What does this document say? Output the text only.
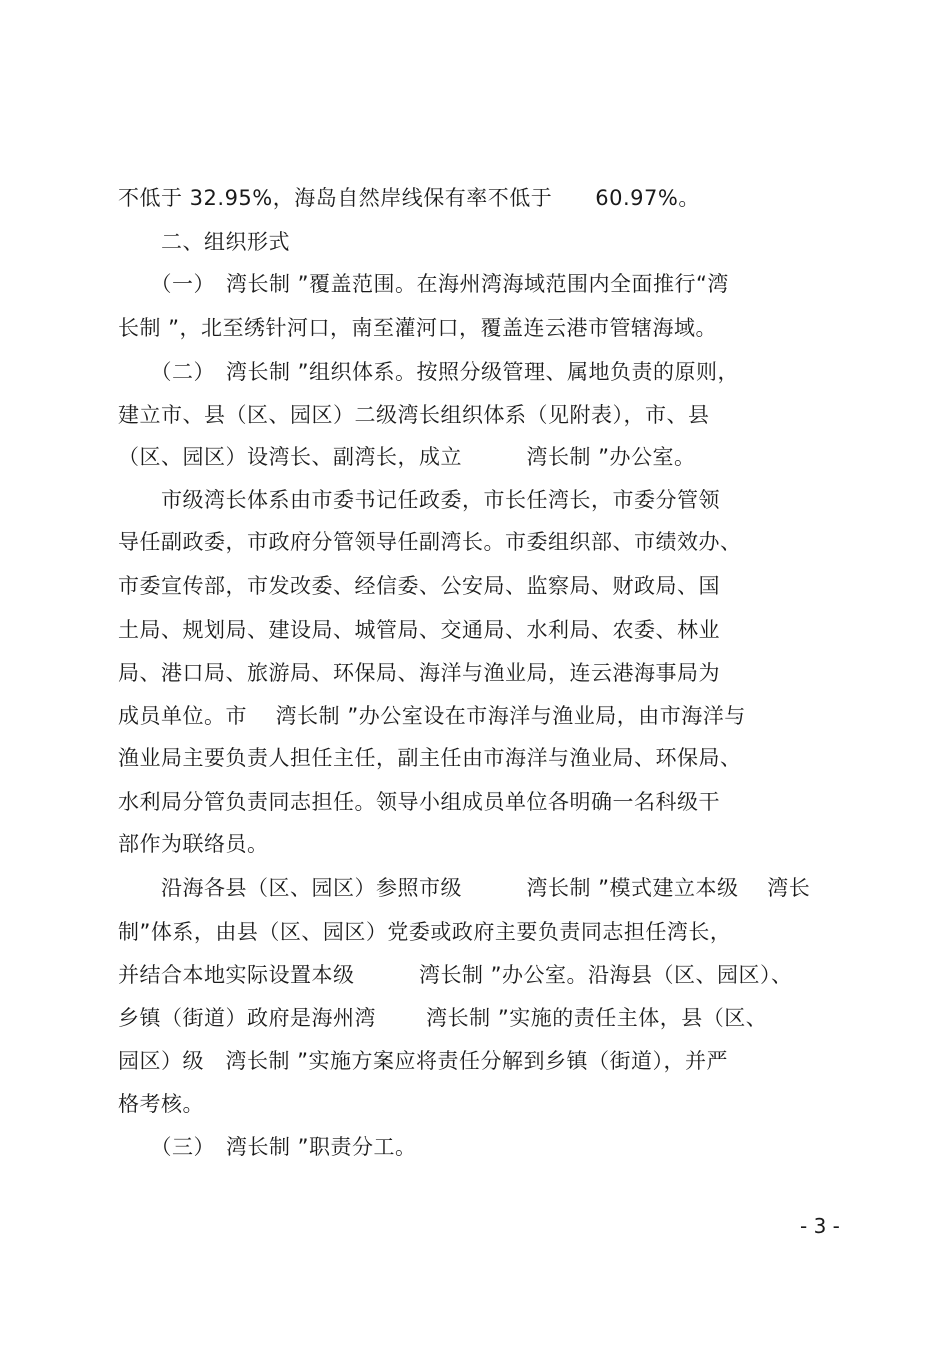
不低于 32.95%，海岛自然岸线保有率不低于　　60.97%。
　　二、组织形式
　　（一）　湾长制 ”覆盖范围。在海州湾海域范围内全面推行“湾
长制 ”，北至绣针河口，南至灌河口，覆盖连云港市管辖海域。
　　（二）　湾长制 ”组织体系。按照分级管理、属地负责的原则，
建立市、县（区、园区）二级湾长组织体系（见附表），市、县
（区、园区）设湾长、副湾长，成立　　　湾长制 ”办公室。
　　市级湾长体系由市委书记任政委，市长任湾长，市委分管领
导任副政委，市政府分管领导任副湾长。市委组织部、市绩效办、
市委宣传部，市发改委、经信委、公安局、监察局、财政局、国
土局、规划局、建设局、城管局、交通局、水利局、农委、林业
局、港口局、旅游局、环保局、海洋与渔业局，连云港海事局为
成员单位。市　 湾长制 ”办公室设在市海洋与渔业局，由市海洋与
渔业局主要负责人担任主任，副主任由市海洋与渔业局、环保局、
水利局分管负责同志担任。领导小组成员单位各明确一名科级干
部作为联络员。
　　沿海各县（区、园区）参照市级　　　湾长制 ”模式建立本级　 湾长
制”体系，由县（区、园区）党委或政府主要负责同志担任湾长，
并结合本地实际设置本级　　　湾长制 ”办公室。沿海县（区、园区）、
乡镇（街道）政府是海州湾　　 湾长制 ”实施的责任主体，县（区、
园区）级　湾长制 ”实施方案应将责任分解到乡镇（街道），并严
格考核。
　　（三）　湾长制 ”职责分工。
- 3 -
